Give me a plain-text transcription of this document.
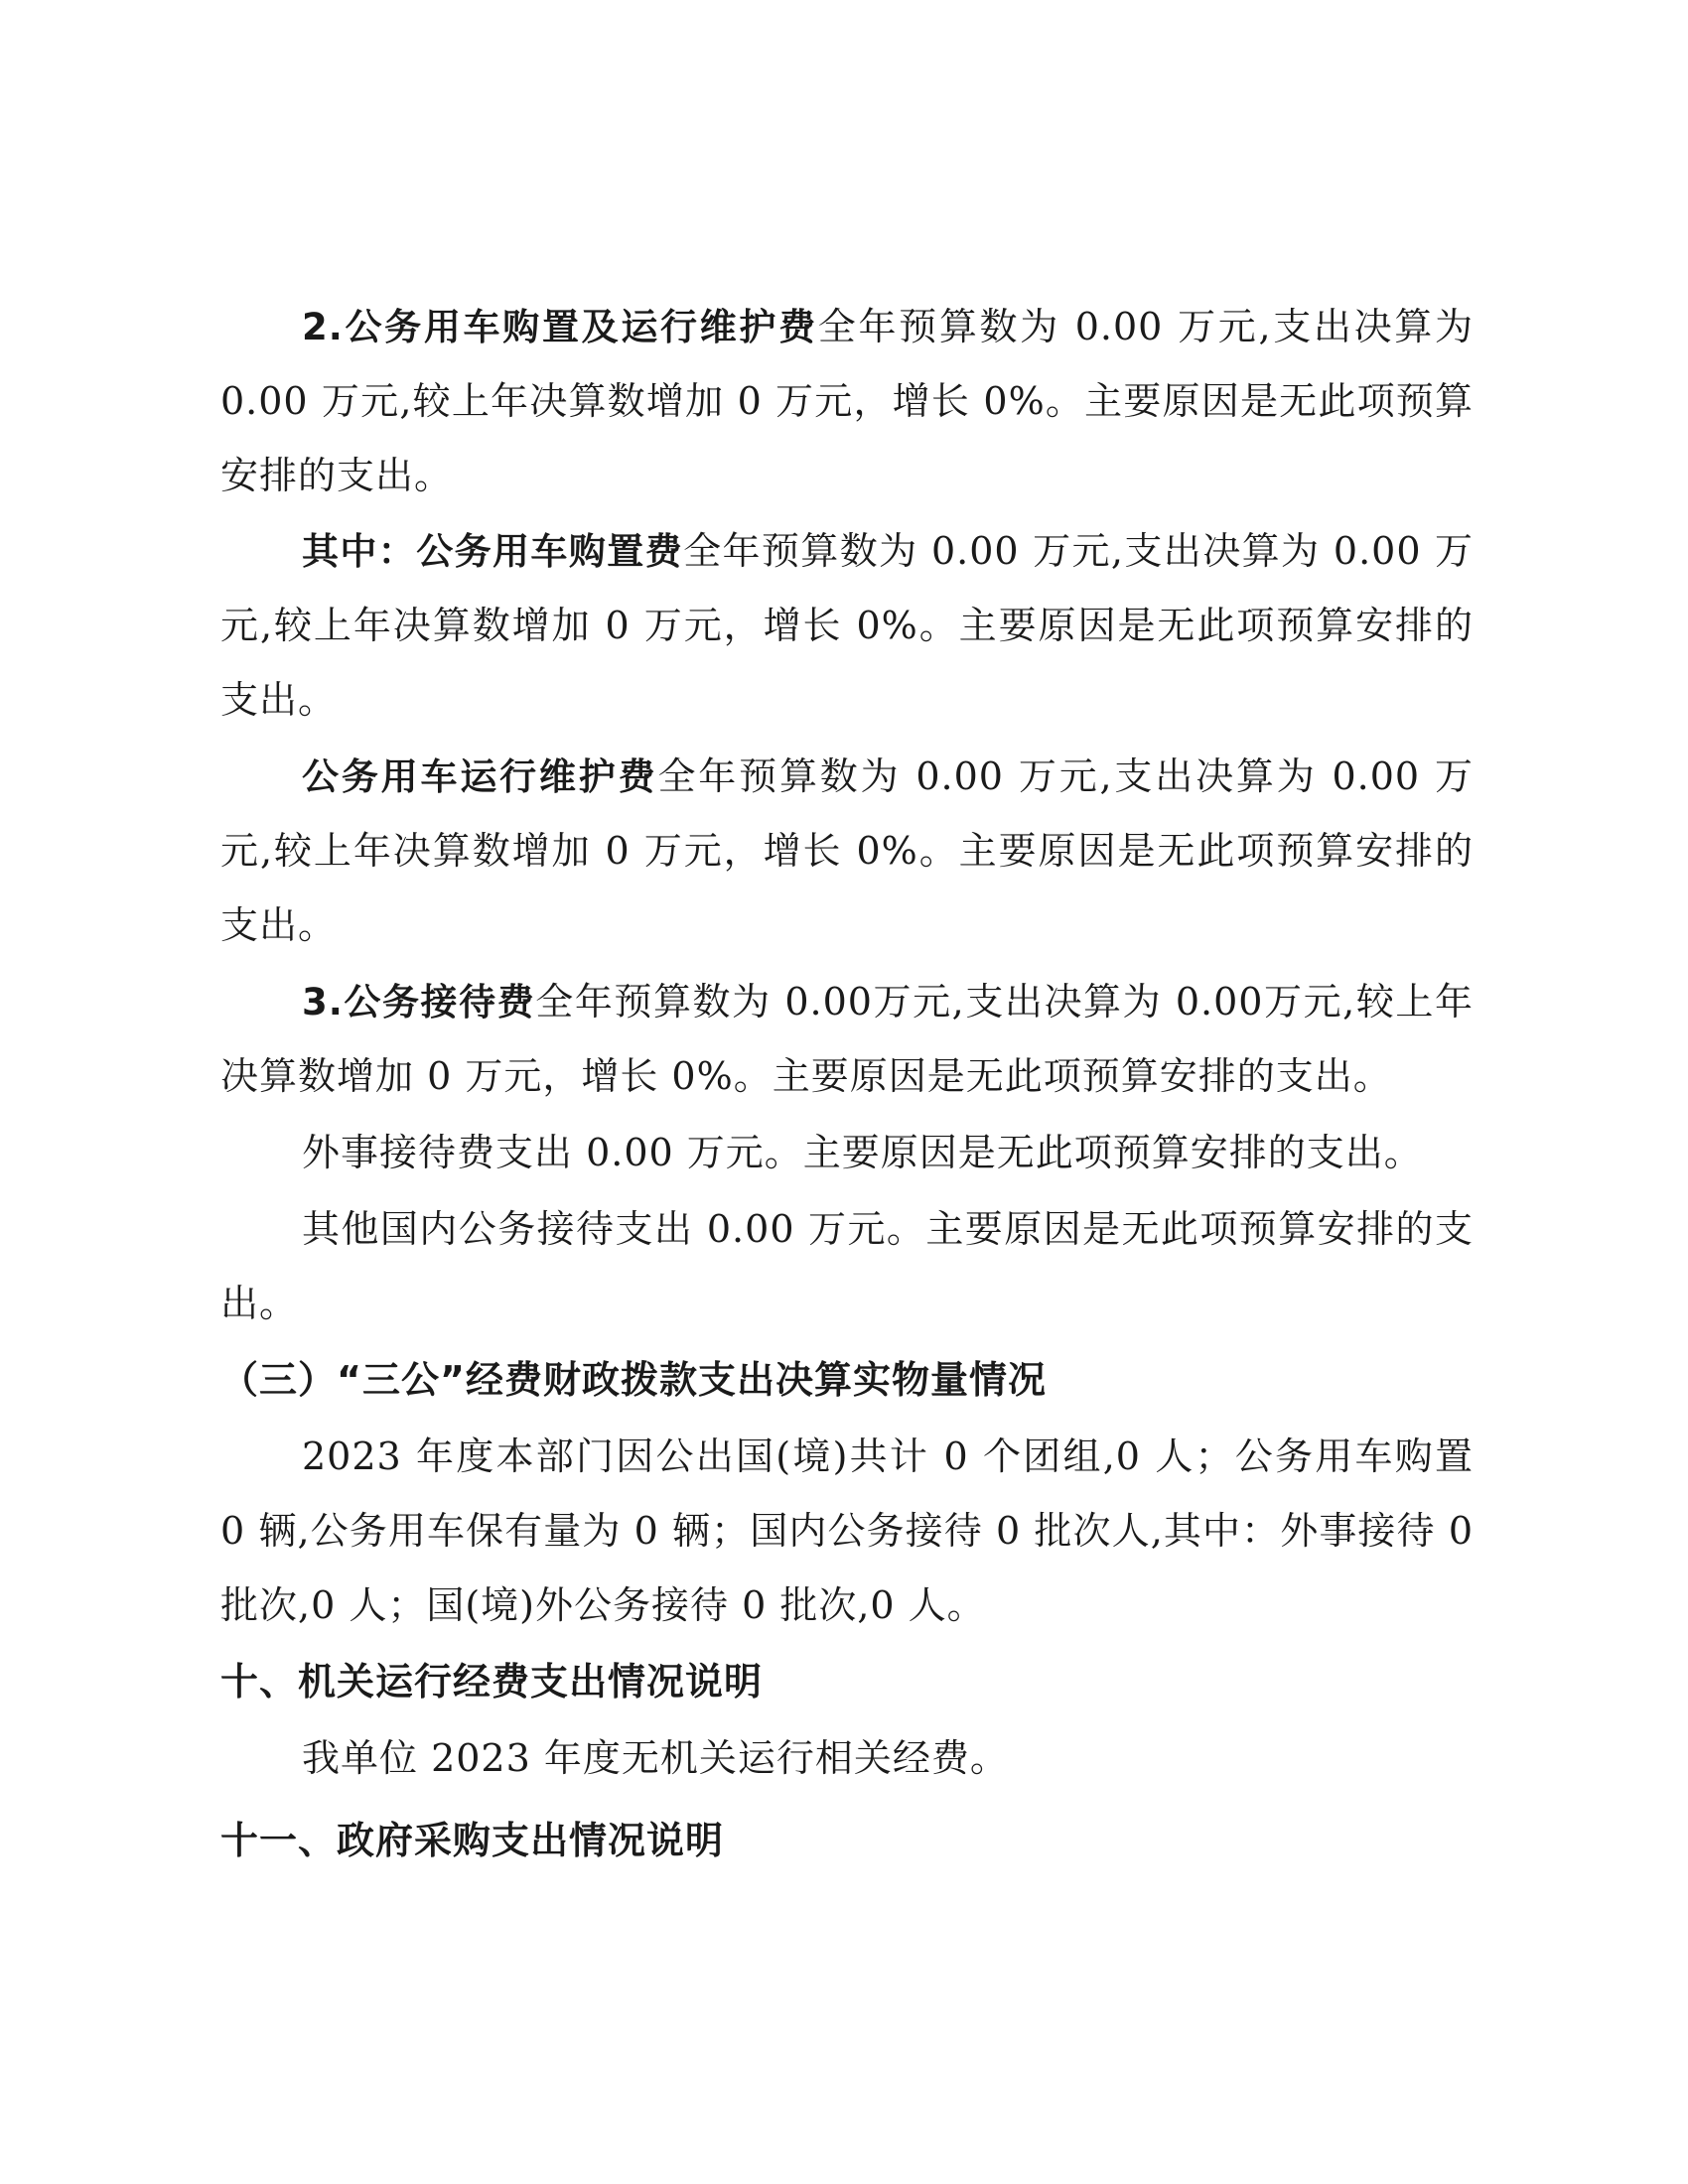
2.公务用车购置及运行维护费全年预算数为 0.00 万元,支出决算为 0.00 万元,较上年决算数增加 0 万元，增长 0%。主要原因是无此项预算安排的支出。

其中：公务用车购置费全年预算数为 0.00 万元,支出决算为 0.00 万元,较上年决算数增加 0 万元，增长 0%。主要原因是无此项预算安排的支出。

公务用车运行维护费全年预算数为 0.00 万元,支出决算为 0.00 万元,较上年决算数增加 0 万元，增长 0%。主要原因是无此项预算安排的支出。

3.公务接待费全年预算数为 0.00万元,支出决算为 0.00万元,较上年决算数增加 0 万元，增长 0%。主要原因是无此项预算安排的支出。

外事接待费支出 0.00 万元。主要原因是无此项预算安排的支出。

其他国内公务接待支出 0.00 万元。主要原因是无此项预算安排的支出。

（三）“三公”经费财政拨款支出决算实物量情况

2023 年度本部门因公出国(境)共计 0 个团组,0 人；公务用车购置 0 辆,公务用车保有量为 0 辆；国内公务接待 0 批次人,其中：外事接待 0 批次,0 人；国(境)外公务接待 0 批次,0 人。

十、机关运行经费支出情况说明

我单位 2023 年度无机关运行相关经费。

十一、政府采购支出情况说明
